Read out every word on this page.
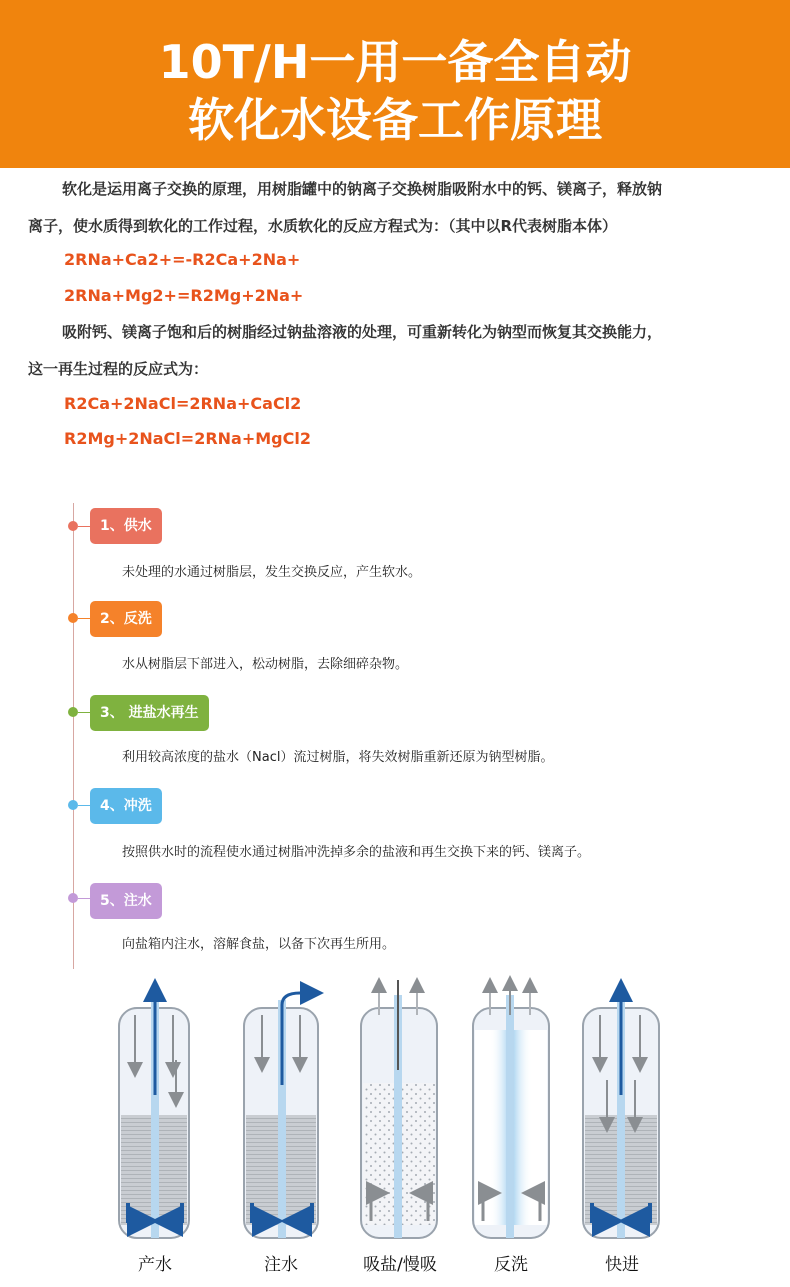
10T/H一用一备全自动
软化水设备工作原理
软化是运用离子交换的原理，用树脂罐中的钠离子交换树脂吸附水中的钙、镁离子，释放钠
离子，使水质得到软化的工作过程，水质软化的反应方程式为：（其中以R代表树脂本体）
2RNa+Ca2+=-R2Ca+2Na+
2RNa+Mg2+=R2Mg+2Na+
吸附钙、镁离子饱和后的树脂经过钠盐溶液的处理，可重新转化为钠型而恢复其交换能力，
这一再生过程的反应式为：
R2Ca+2NaCl=2RNa+CaCl2
R2Mg+2NaCl=2RNa+MgCl2
1、供水
未处理的水通过树脂层，发生交换反应，产生软水。
2、反洗
水从树脂层下部进入，松动树脂，去除细碎杂物。
3、 进盐水再生
利用较高浓度的盐水（Nacl）流过树脂，将失效树脂重新还原为钠型树脂。
4、冲洗
按照供水时的流程使水通过树脂冲洗掉多余的盐液和再生交换下来的钙、镁离子。
5、注水
向盐箱内注水，溶解食盐，以备下次再生所用。
产水	注水	吸盐/慢吸	反洗	快进
